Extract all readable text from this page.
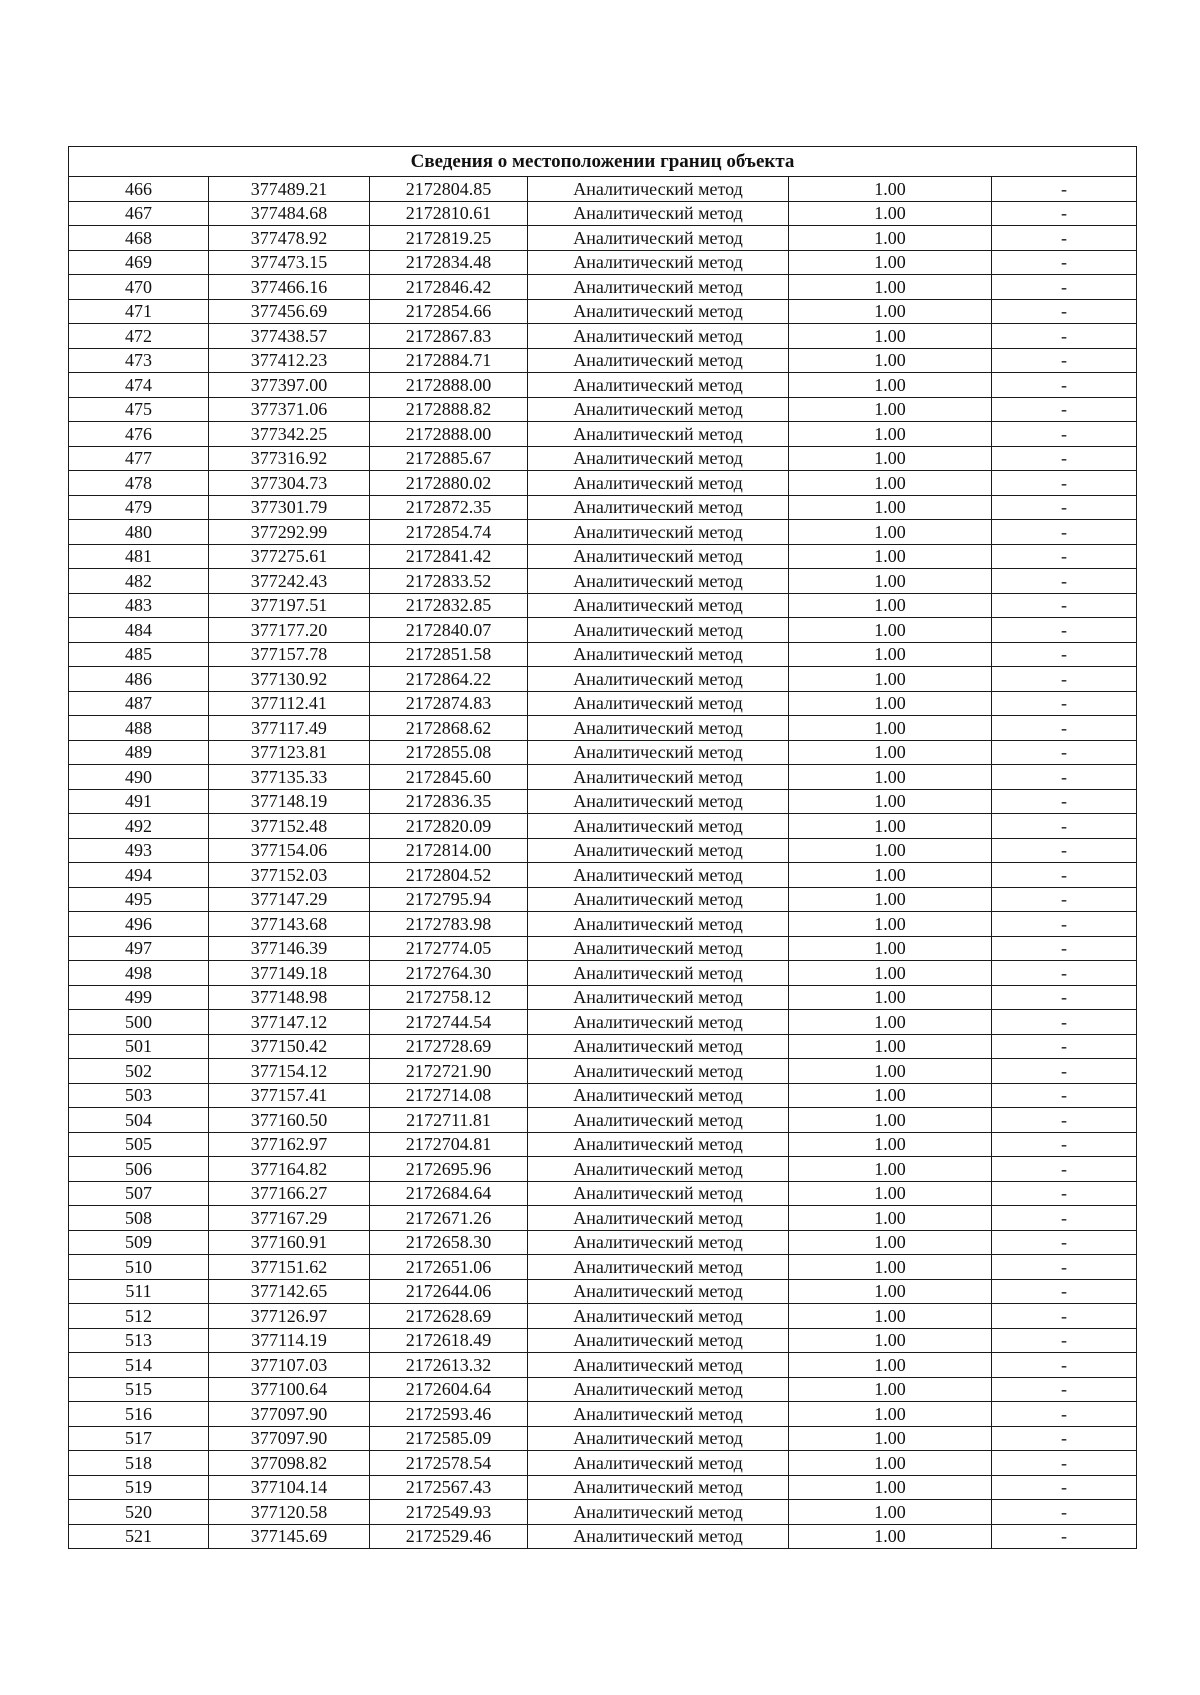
Сведения о местоположении границ объекта					
466	377489.21	2172804.85	Аналитический метод	1.00	-
467	377484.68	2172810.61	Аналитический метод	1.00	-
468	377478.92	2172819.25	Аналитический метод	1.00	-
469	377473.15	2172834.48	Аналитический метод	1.00	-
470	377466.16	2172846.42	Аналитический метод	1.00	-
471	377456.69	2172854.66	Аналитический метод	1.00	-
472	377438.57	2172867.83	Аналитический метод	1.00	-
473	377412.23	2172884.71	Аналитический метод	1.00	-
474	377397.00	2172888.00	Аналитический метод	1.00	-
475	377371.06	2172888.82	Аналитический метод	1.00	-
476	377342.25	2172888.00	Аналитический метод	1.00	-
477	377316.92	2172885.67	Аналитический метод	1.00	-
478	377304.73	2172880.02	Аналитический метод	1.00	-
479	377301.79	2172872.35	Аналитический метод	1.00	-
480	377292.99	2172854.74	Аналитический метод	1.00	-
481	377275.61	2172841.42	Аналитический метод	1.00	-
482	377242.43	2172833.52	Аналитический метод	1.00	-
483	377197.51	2172832.85	Аналитический метод	1.00	-
484	377177.20	2172840.07	Аналитический метод	1.00	-
485	377157.78	2172851.58	Аналитический метод	1.00	-
486	377130.92	2172864.22	Аналитический метод	1.00	-
487	377112.41	2172874.83	Аналитический метод	1.00	-
488	377117.49	2172868.62	Аналитический метод	1.00	-
489	377123.81	2172855.08	Аналитический метод	1.00	-
490	377135.33	2172845.60	Аналитический метод	1.00	-
491	377148.19	2172836.35	Аналитический метод	1.00	-
492	377152.48	2172820.09	Аналитический метод	1.00	-
493	377154.06	2172814.00	Аналитический метод	1.00	-
494	377152.03	2172804.52	Аналитический метод	1.00	-
495	377147.29	2172795.94	Аналитический метод	1.00	-
496	377143.68	2172783.98	Аналитический метод	1.00	-
497	377146.39	2172774.05	Аналитический метод	1.00	-
498	377149.18	2172764.30	Аналитический метод	1.00	-
499	377148.98	2172758.12	Аналитический метод	1.00	-
500	377147.12	2172744.54	Аналитический метод	1.00	-
501	377150.42	2172728.69	Аналитический метод	1.00	-
502	377154.12	2172721.90	Аналитический метод	1.00	-
503	377157.41	2172714.08	Аналитический метод	1.00	-
504	377160.50	2172711.81	Аналитический метод	1.00	-
505	377162.97	2172704.81	Аналитический метод	1.00	-
506	377164.82	2172695.96	Аналитический метод	1.00	-
507	377166.27	2172684.64	Аналитический метод	1.00	-
508	377167.29	2172671.26	Аналитический метод	1.00	-
509	377160.91	2172658.30	Аналитический метод	1.00	-
510	377151.62	2172651.06	Аналитический метод	1.00	-
511	377142.65	2172644.06	Аналитический метод	1.00	-
512	377126.97	2172628.69	Аналитический метод	1.00	-
513	377114.19	2172618.49	Аналитический метод	1.00	-
514	377107.03	2172613.32	Аналитический метод	1.00	-
515	377100.64	2172604.64	Аналитический метод	1.00	-
516	377097.90	2172593.46	Аналитический метод	1.00	-
517	377097.90	2172585.09	Аналитический метод	1.00	-
518	377098.82	2172578.54	Аналитический метод	1.00	-
519	377104.14	2172567.43	Аналитический метод	1.00	-
520	377120.58	2172549.93	Аналитический метод	1.00	-
521	377145.69	2172529.46	Аналитический метод	1.00	-
